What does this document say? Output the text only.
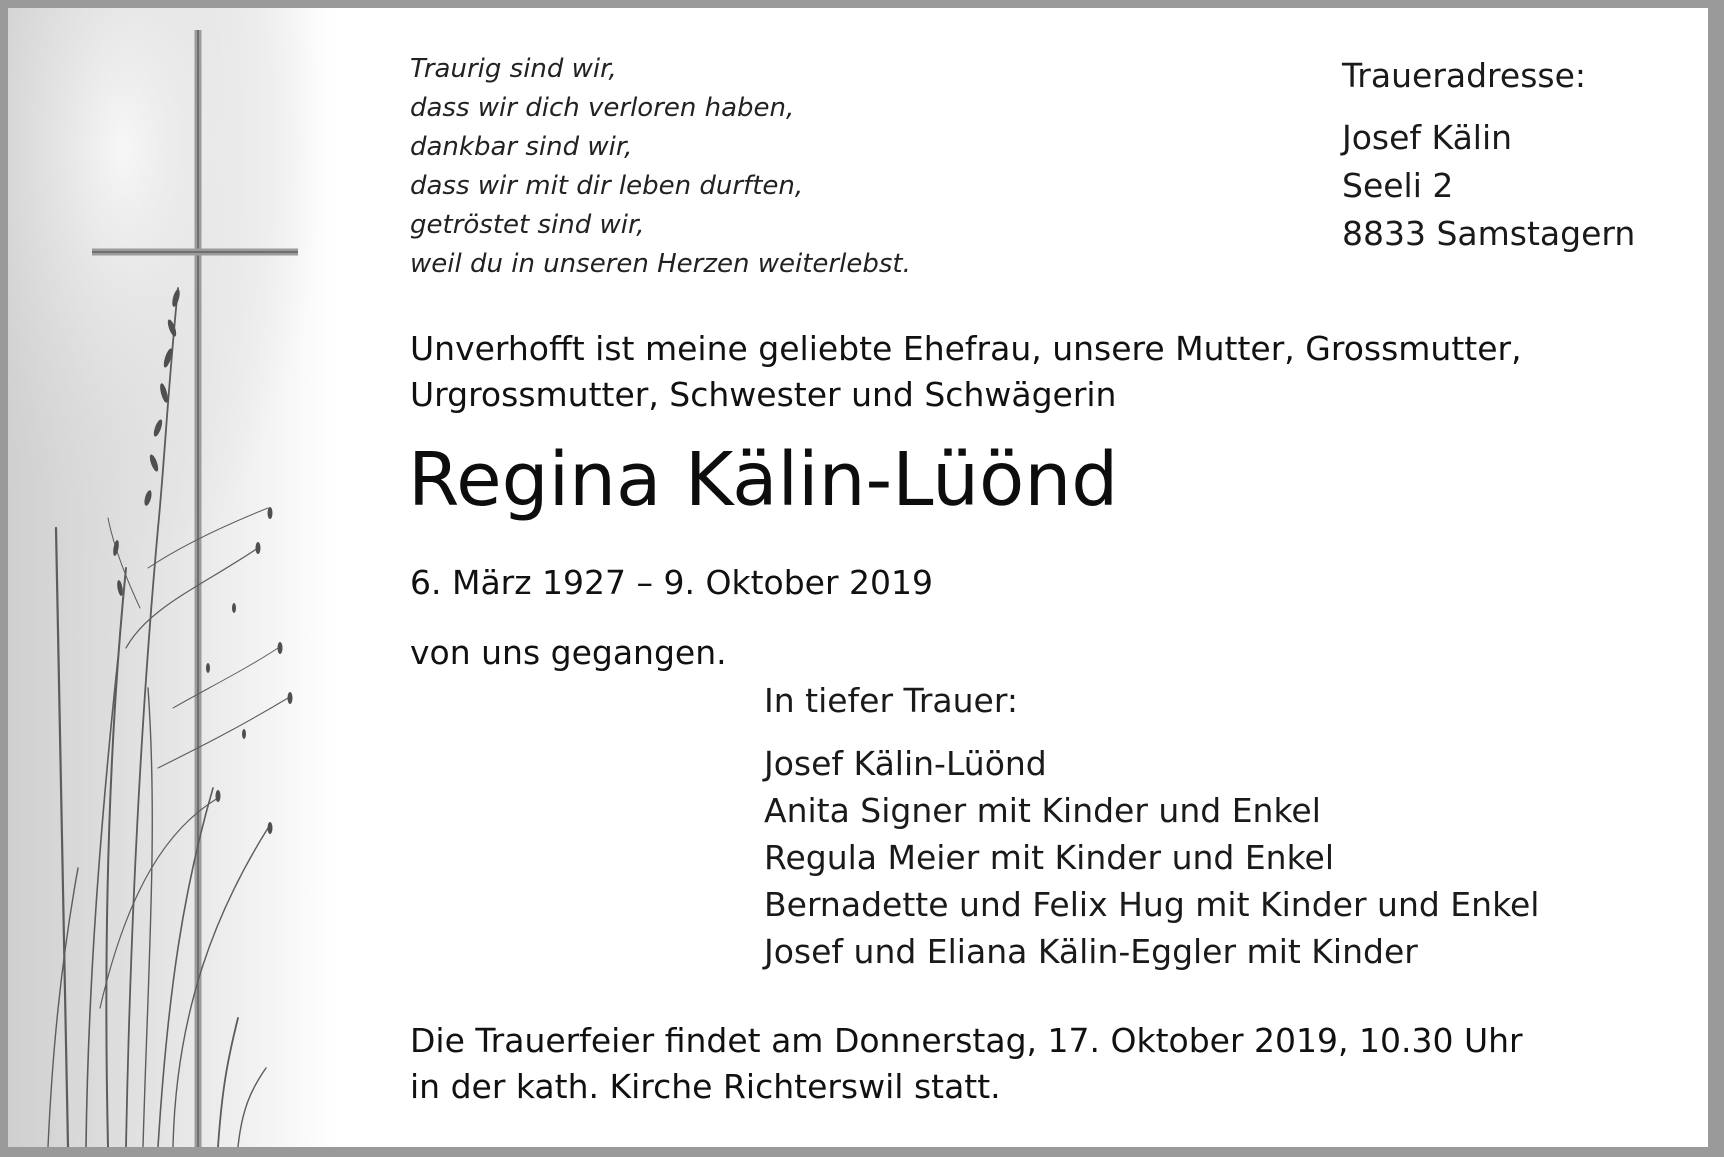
Traurig sind wir,
dass wir dich verloren haben,
dankbar sind wir,
dass wir mit dir leben durften,
getröstet sind wir,
weil du in unseren Herzen weiterlebst.
Traueradresse:
Josef Kälin
Seeli 2
8833 Samstagern
Unverhofft ist meine geliebte Ehefrau, unsere Mutter, Grossmutter,
Urgrossmutter, Schwester und Schwägerin
Regina Kälin-Lüönd
6. März 1927 – 9. Oktober 2019
von uns gegangen.
In tiefer Trauer:
Josef Kälin-Lüönd
Anita Signer mit Kinder und Enkel
Regula Meier mit Kinder und Enkel
Bernadette und Felix Hug mit Kinder und Enkel
Josef und Eliana Kälin-Eggler mit Kinder
Die Trauerfeier findet am Donnerstag, 17. Oktober 2019, 10.30 Uhr
in der kath. Kirche Richterswil statt.
